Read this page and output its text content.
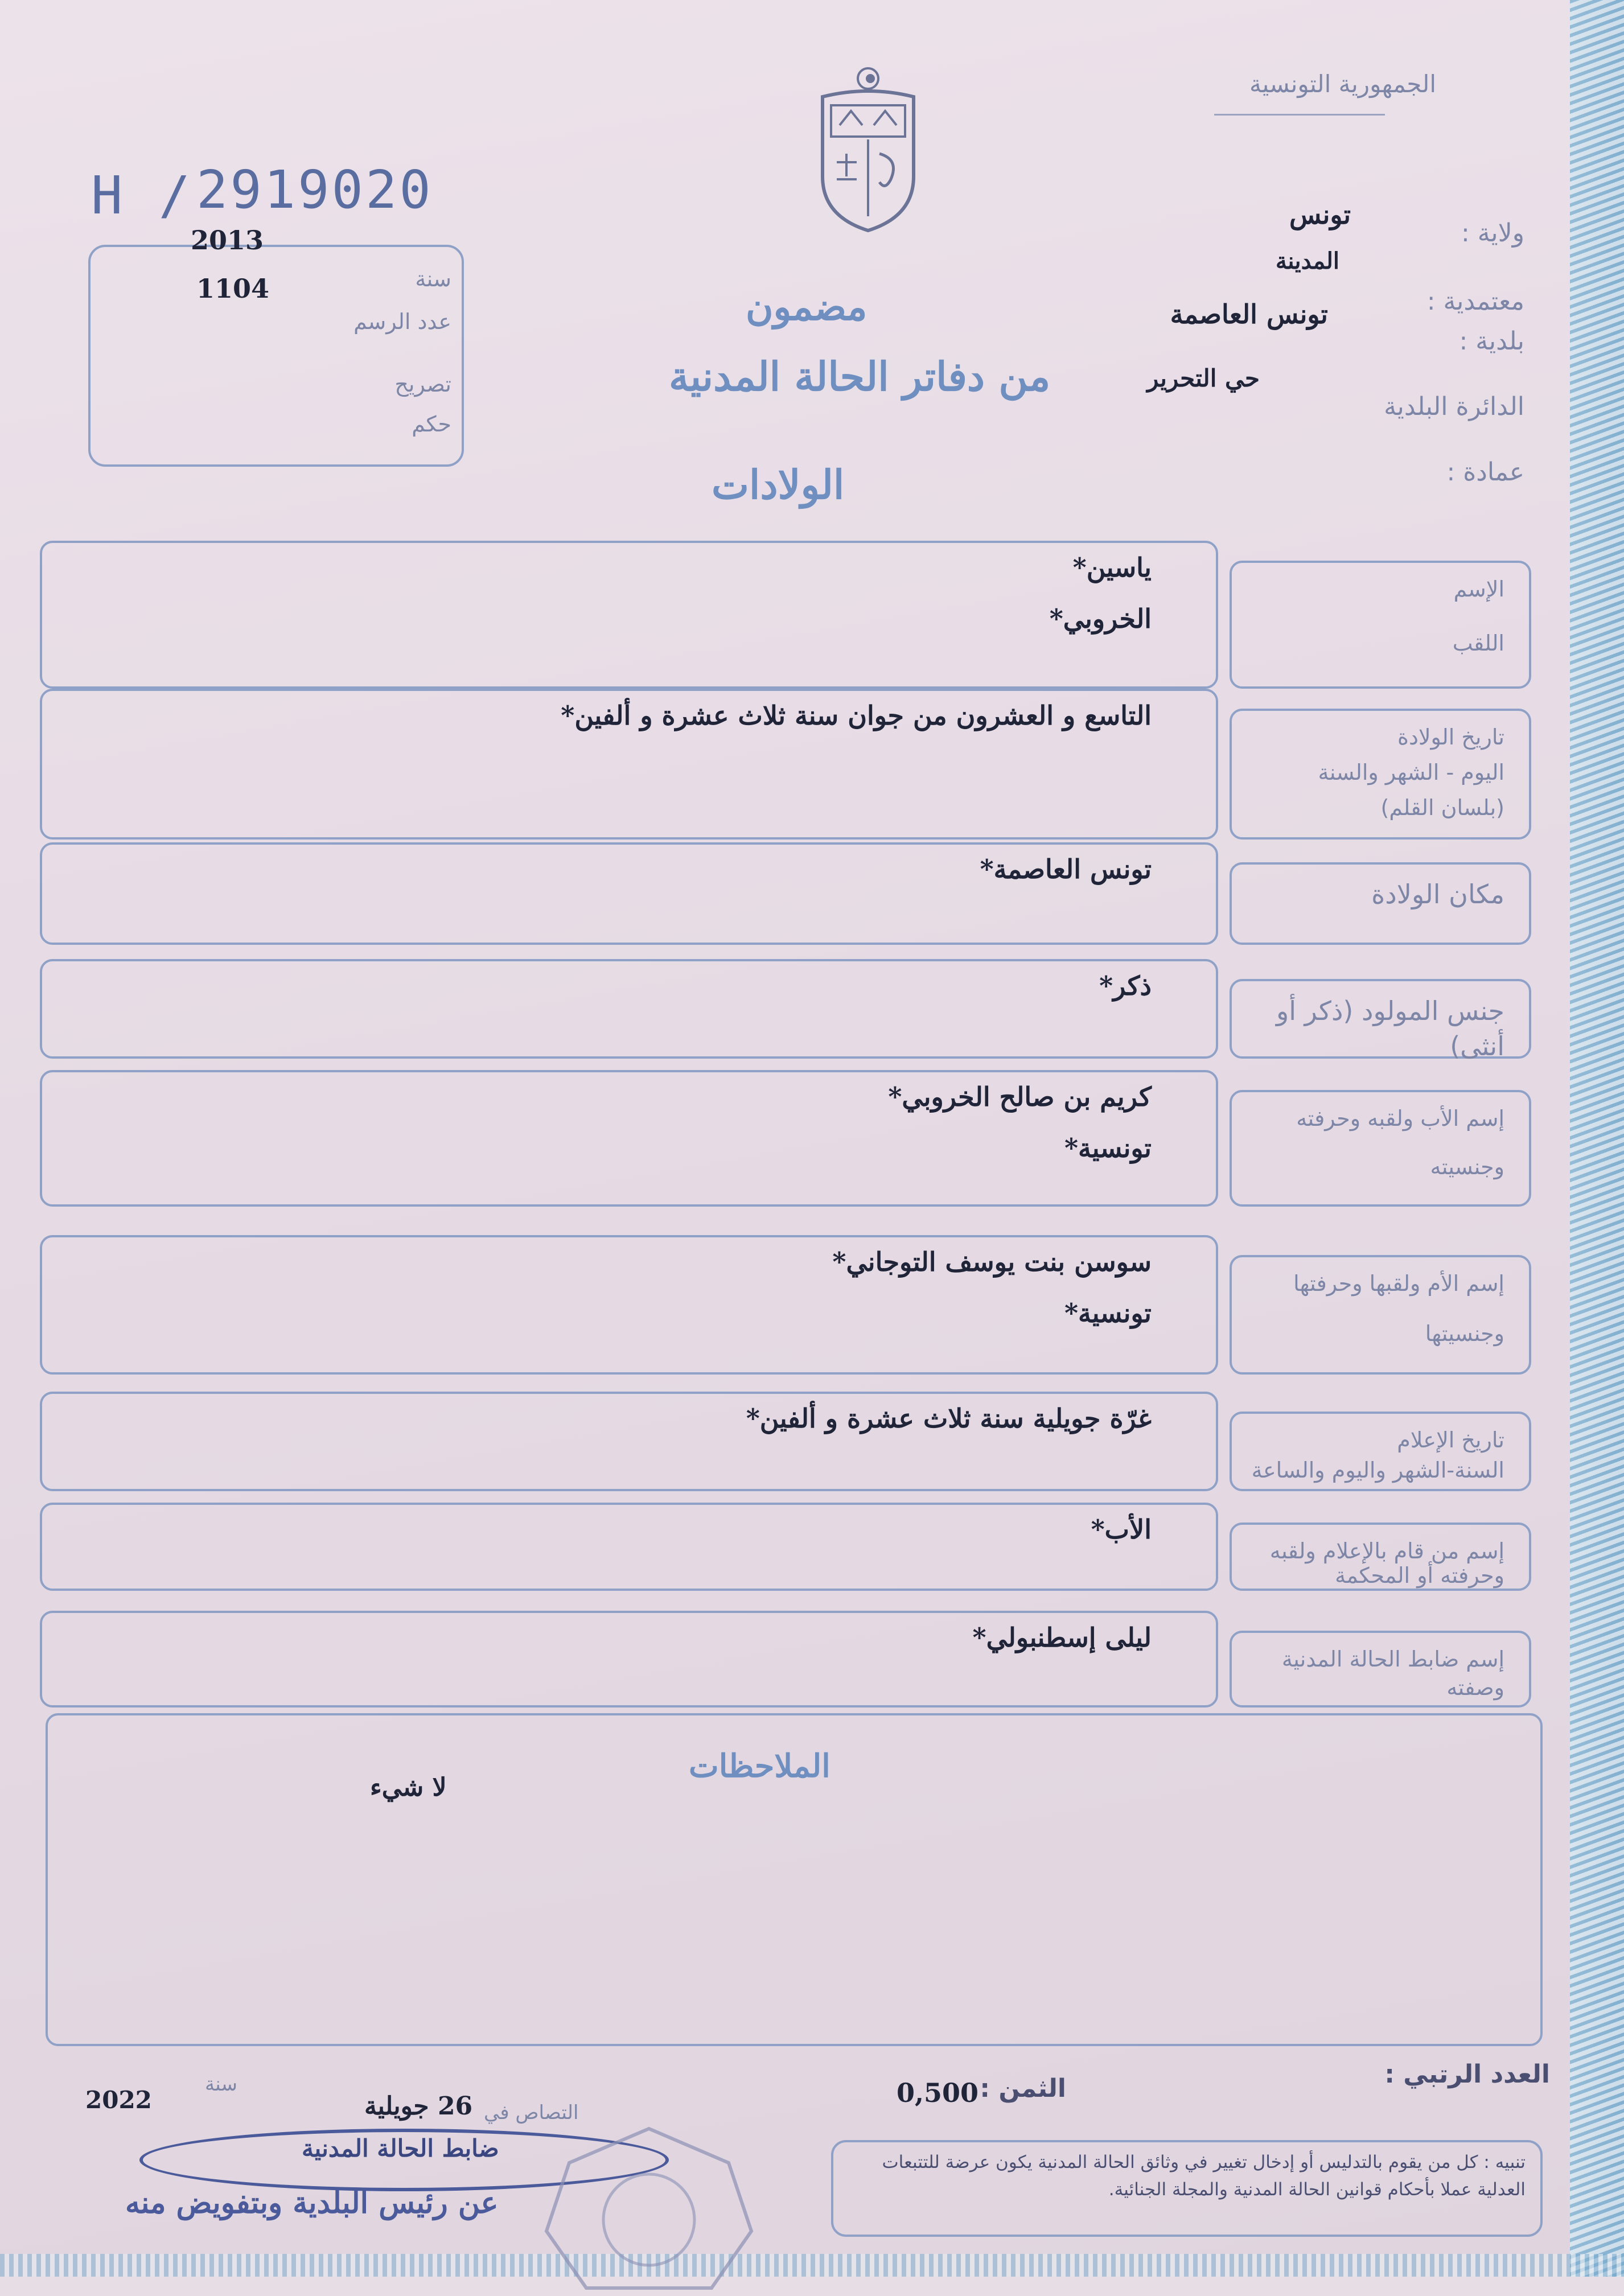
الجمهورية التونسية
H / 2919020
2013
سنة
1104
عدد الرسم
تصريح
حكم
ولاية :
تونس
المدينة
معتمدية :
تونس العاصمة
بلدية :
حي التحرير
الدائرة البلدية
عمادة :
مضمون
من دفاتر الحالة المدنية
الولادات
الإسم
اللقب
ياسين*
الخروبي*
تاريخ الولادة
اليوم - الشهر والسنة
(بلسان القلم)
التاسع و العشرون من جوان سنة ثلاث عشرة و ألفين*
مكان الولادة
تونس العاصمة*
جنس المولود (ذكر أو أنثى)
ذكر*
إسم الأب ولقبه وحرفته
وجنسيته
كريم بن صالح الخروبي*
تونسية*
إسم الأم ولقبها وحرفتها
وجنسيتها
سوسن بنت يوسف التوجاني*
تونسية*
تاريخ الإعلام
السنة-الشهر واليوم والساعة
غرّة جويلية سنة ثلاث عشرة و ألفين*
إسم من قام بالإعلام ولقبه
وحرفته أو المحكمة
الأب*
إسم ضابط الحالة المدنية
وصفته
ليلى إسطنبولي*
الملاحظات
لا شيء
العدد الرتبي :
الثمن :
0,500
2022
سنة
26 جويلية التصاص في
ضابط الحالة المدنية
عن رئيس البلدية وبتفويض منه
تنبيه : كل من يقوم بالتدليس أو إدخال تغيير في وثائق الحالة المدنية يكون عرضة للتتبعات العدلية عملا بأحكام قوانين الحالة المدنية والمجلة الجنائية.
